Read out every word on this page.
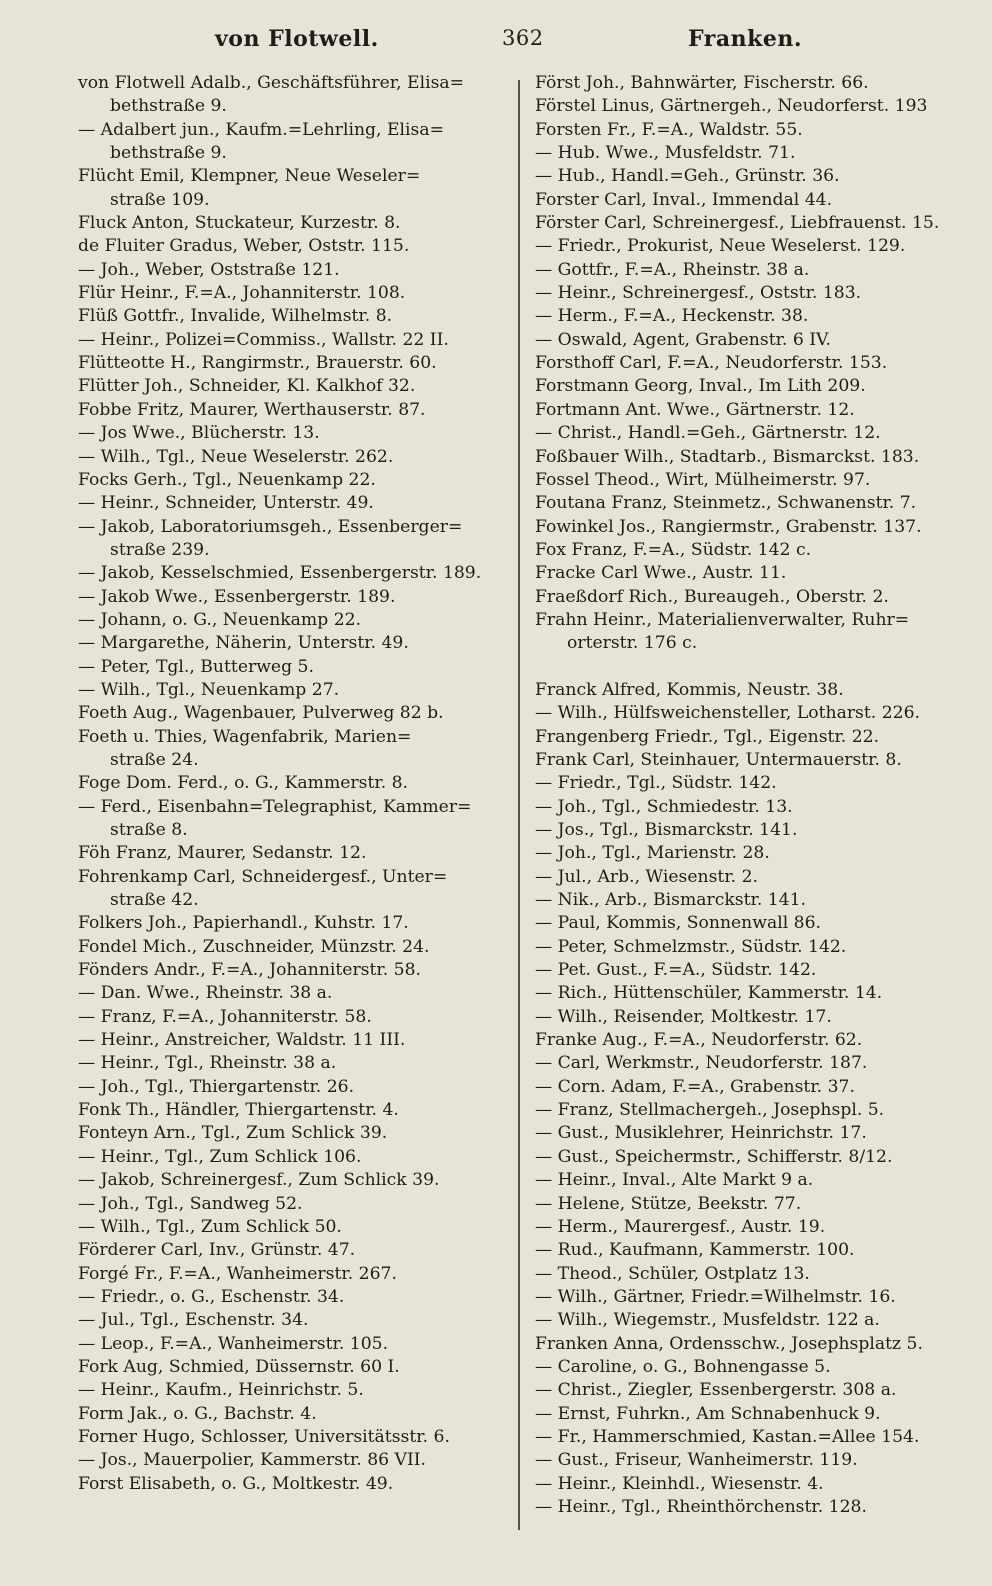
von Flotwell.	362	Franken.
von Flotwell Adalb., Geschäftsführer, Elisa=
bethstraße 9.
— Adalbert jun., Kaufm.=Lehrling, Elisa=
bethstraße 9.
Flücht Emil, Klempner, Neue Weseler=
straße 109.
Fluck Anton, Stuckateur, Kurzestr. 8.
de Fluiter Gradus, Weber, Oststr. 115.
— Joh., Weber, Oststraße 121.
Flür Heinr., F.=A., Johanniterstr. 108.
Flüß Gottfr., Invalide, Wilhelmstr. 8.
— Heinr., Polizei=Commiss., Wallstr. 22 II.
Flütteotte H., Rangirmstr., Brauerstr. 60.
Flütter Joh., Schneider, Kl. Kalkhof 32.
Fobbe Fritz, Maurer, Werthauserstr. 87.
— Jos Wwe., Blücherstr. 13.
— Wilh., Tgl., Neue Weselerstr. 262.
Focks Gerh., Tgl., Neuenkamp 22.
— Heinr., Schneider, Unterstr. 49.
— Jakob, Laboratoriumsgeh., Essenberger=
straße 239.
— Jakob, Kesselschmied, Essenbergerstr. 189.
— Jakob Wwe., Essenbergerstr. 189.
— Johann, o. G., Neuenkamp 22.
— Margarethe, Näherin, Unterstr. 49.
— Peter, Tgl., Butterweg 5.
— Wilh., Tgl., Neuenkamp 27.
Foeth Aug., Wagenbauer, Pulverweg 82 b.
Foeth u. Thies, Wagenfabrik, Marien=
straße 24.
Foge Dom. Ferd., o. G., Kammerstr. 8.
— Ferd., Eisenbahn=Telegraphist, Kammer=
straße 8.
Föh Franz, Maurer, Sedanstr. 12.
Fohrenkamp Carl, Schneidergesf., Unter=
straße 42.
Folkers Joh., Papierhandl., Kuhstr. 17.
Fondel Mich., Zuschneider, Münzstr. 24.
Fönders Andr., F.=A., Johanniterstr. 58.
— Dan. Wwe., Rheinstr. 38 a.
— Franz, F.=A., Johanniterstr. 58.
— Heinr., Anstreicher, Waldstr. 11 III.
— Heinr., Tgl., Rheinstr. 38 a.
— Joh., Tgl., Thiergartenstr. 26.
Fonk Th., Händler, Thiergartenstr. 4.
Fonteyn Arn., Tgl., Zum Schlick 39.
— Heinr., Tgl., Zum Schlick 106.
— Jakob, Schreinergesf., Zum Schlick 39.
— Joh., Tgl., Sandweg 52.
— Wilh., Tgl., Zum Schlick 50.
Förderer Carl, Inv., Grünstr. 47.
Forgé Fr., F.=A., Wanheimerstr. 267.
— Friedr., o. G., Eschenstr. 34.
— Jul., Tgl., Eschenstr. 34.
— Leop., F.=A., Wanheimerstr. 105.
Fork Aug, Schmied, Düssernstr. 60 I.
— Heinr., Kaufm., Heinrichstr. 5.
Form Jak., o. G., Bachstr. 4.
Forner Hugo, Schlosser, Universitätsstr. 6.
— Jos., Mauerpolier, Kammerstr. 86 VII.
Forst Elisabeth, o. G., Moltkestr. 49.
Först Joh., Bahnwärter, Fischerstr. 66.
Förstel Linus, Gärtnergeh., Neudorferst. 193
Forsten Fr., F.=A., Waldstr. 55.
— Hub. Wwe., Musfeldstr. 71.
— Hub., Handl.=Geh., Grünstr. 36.
Forster Carl, Inval., Immendal 44.
Förster Carl, Schreinergesf., Liebfrauenst. 15.
— Friedr., Prokurist, Neue Weselerst. 129.
— Gottfr., F.=A., Rheinstr. 38 a.
— Heinr., Schreinergesf., Oststr. 183.
— Herm., F.=A., Heckenstr. 38.
— Oswald, Agent, Grabenstr. 6 IV.
Forsthoff Carl, F.=A., Neudorferstr. 153.
Forstmann Georg, Inval., Im Lith 209.
Fortmann Ant. Wwe., Gärtnerstr. 12.
— Christ., Handl.=Geh., Gärtnerstr. 12.
Foßbauer Wilh., Stadtarb., Bismarckst. 183.
Fossel Theod., Wirt, Mülheimerstr. 97.
Foutana Franz, Steinmetz., Schwanenstr. 7.
Fowinkel Jos., Rangiermstr., Grabenstr. 137.
Fox Franz, F.=A., Südstr. 142 c.
Fracke Carl Wwe., Austr. 11.
Fraeßdorf Rich., Bureaugeh., Oberstr. 2.
Frahn Heinr., Materialienverwalter, Ruhr=
orterstr. 176 c.
Franck Alfred, Kommis, Neustr. 38.
— Wilh., Hülfsweichensteller, Lotharst. 226.
Frangenberg Friedr., Tgl., Eigenstr. 22.
Frank Carl, Steinhauer, Untermauerstr. 8.
— Friedr., Tgl., Südstr. 142.
— Joh., Tgl., Schmiedestr. 13.
— Jos., Tgl., Bismarckstr. 141.
— Joh., Tgl., Marienstr. 28.
— Jul., Arb., Wiesenstr. 2.
— Nik., Arb., Bismarckstr. 141.
— Paul, Kommis, Sonnenwall 86.
— Peter, Schmelzmstr., Südstr. 142.
— Pet. Gust., F.=A., Südstr. 142.
— Rich., Hüttenschüler, Kammerstr. 14.
— Wilh., Reisender, Moltkestr. 17.
Franke Aug., F.=A., Neudorferstr. 62.
— Carl, Werkmstr., Neudorferstr. 187.
— Corn. Adam, F.=A., Grabenstr. 37.
— Franz, Stellmachergeh., Josephspl. 5.
— Gust., Musiklehrer, Heinrichstr. 17.
— Gust., Speichermstr., Schifferstr. 8/12.
— Heinr., Inval., Alte Markt 9 a.
— Helene, Stütze, Beekstr. 77.
— Herm., Maurergesf., Austr. 19.
— Rud., Kaufmann, Kammerstr. 100.
— Theod., Schüler, Ostplatz 13.
— Wilh., Gärtner, Friedr.=Wilhelmstr. 16.
— Wilh., Wiegemstr., Musfeldstr. 122 a.
Franken Anna, Ordensschw., Josephsplatz 5.
— Caroline, o. G., Bohnengasse 5.
— Christ., Ziegler, Essenbergerstr. 308 a.
— Ernst, Fuhrkn., Am Schnabenhuck 9.
— Fr., Hammerschmied, Kastan.=Allee 154.
— Gust., Friseur, Wanheimerstr. 119.
— Heinr., Kleinhdl., Wiesenstr. 4.
— Heinr., Tgl., Rheinthörchenstr. 128.
